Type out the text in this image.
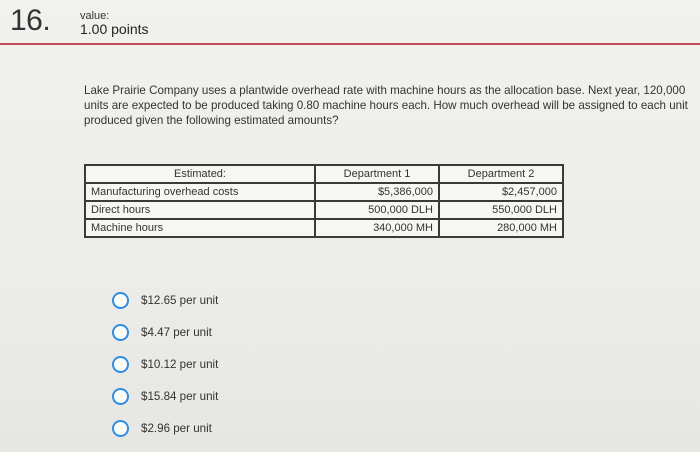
16.	value:
1.00 points
Lake Prairie Company uses a plantwide overhead rate with machine hours as the allocation base. Next year, 120,000 units are expected to be produced taking 0.80 machine hours each. How much overhead will be assigned to each unit produced given the following estimated amounts?
Estimated:	Department 1	Department 2
Manufacturing overhead costs	$5,386,000	$2,457,000
Direct hours	500,000 DLH	550,000 DLH
Machine hours	340,000 MH	280,000 MH
$12.65 per unit
$4.47 per unit
$10.12 per unit
$15.84 per unit
$2.96 per unit
